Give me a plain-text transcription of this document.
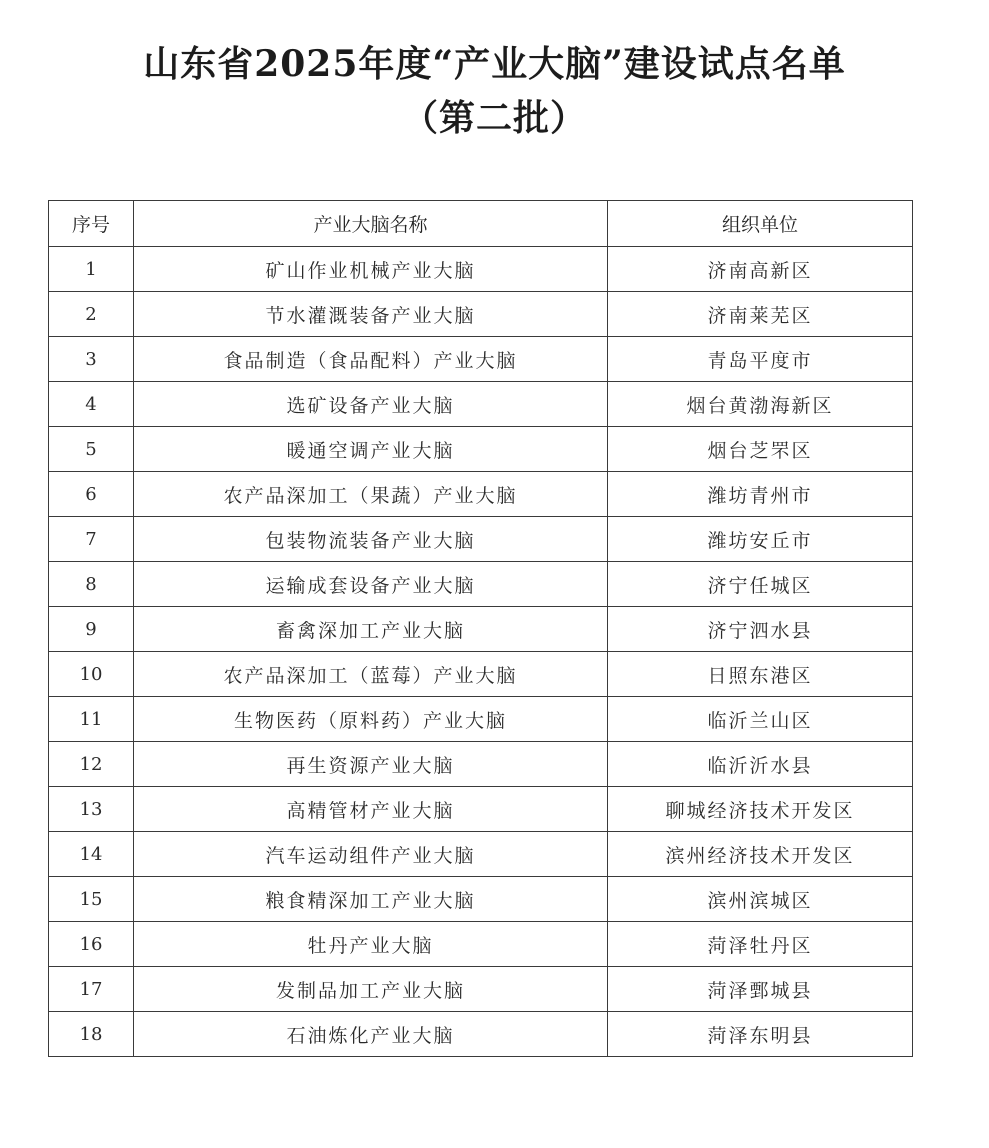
山东省2025年度“产业大脑”建设试点名单
（第二批）
序号	产业大脑名称	组织单位
1	矿山作业机械产业大脑	济南高新区
2	节水灌溉装备产业大脑	济南莱芜区
3	食品制造（食品配料）产业大脑	青岛平度市
4	选矿设备产业大脑	烟台黄渤海新区
5	暖通空调产业大脑	烟台芝罘区
6	农产品深加工（果蔬）产业大脑	潍坊青州市
7	包装物流装备产业大脑	潍坊安丘市
8	运输成套设备产业大脑	济宁任城区
9	畜禽深加工产业大脑	济宁泗水县
10	农产品深加工（蓝莓）产业大脑	日照东港区
11	生物医药（原料药）产业大脑	临沂兰山区
12	再生资源产业大脑	临沂沂水县
13	高精管材产业大脑	聊城经济技术开发区
14	汽车运动组件产业大脑	滨州经济技术开发区
15	粮食精深加工产业大脑	滨州滨城区
16	牡丹产业大脑	菏泽牡丹区
17	发制品加工产业大脑	菏泽鄄城县
18	石油炼化产业大脑	菏泽东明县
